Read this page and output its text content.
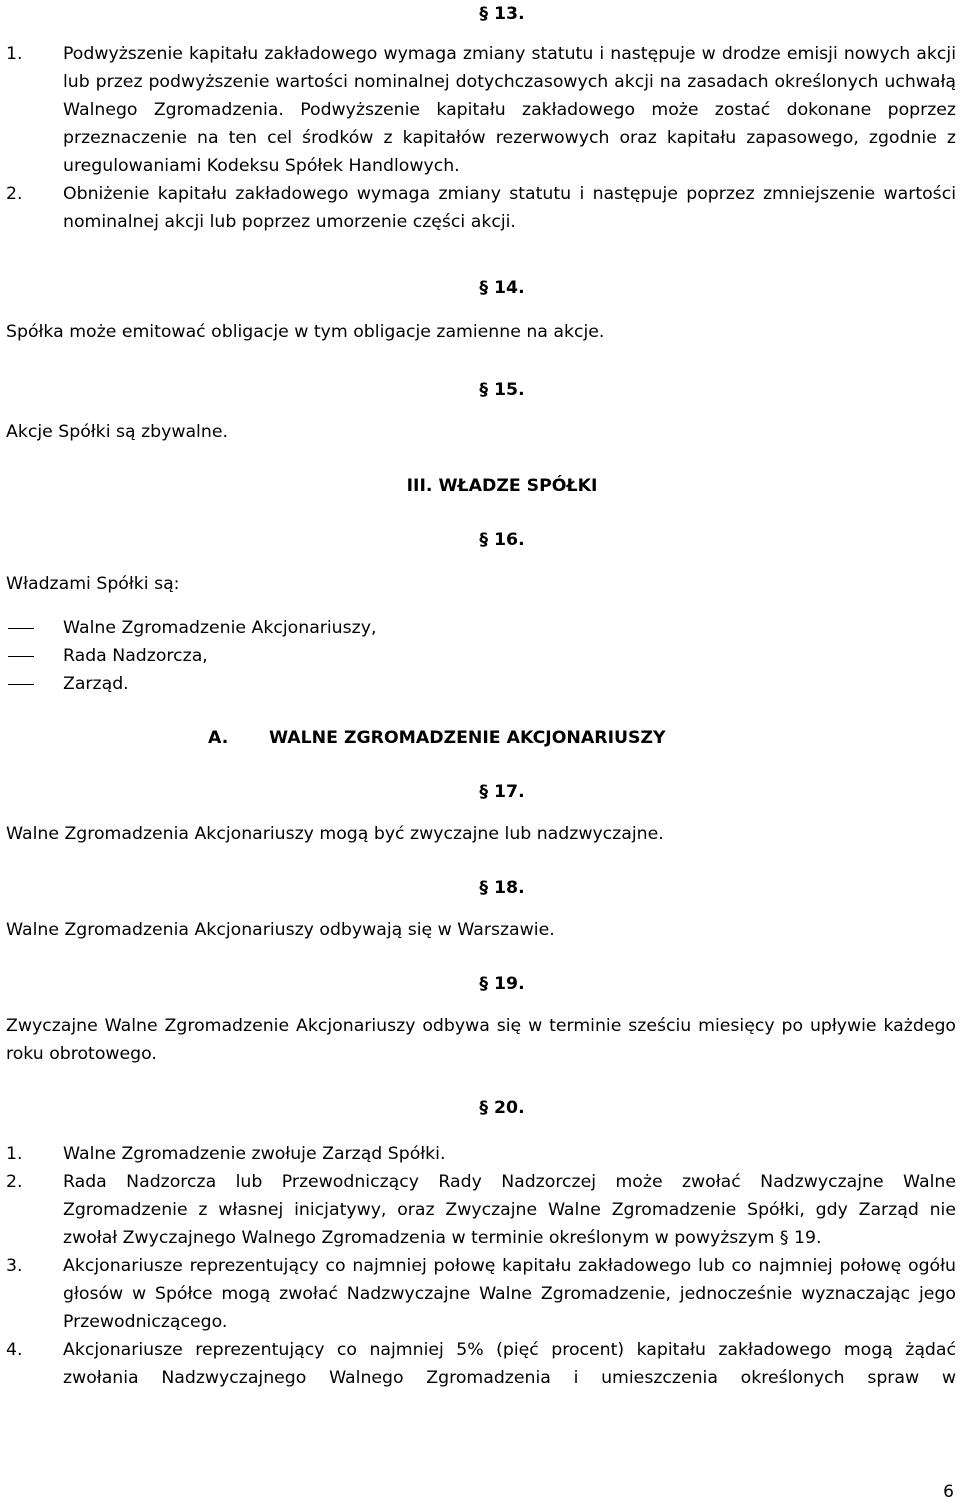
§ 13.
1.	Podwyższenie kapitału zakładowego wymaga zmiany statutu i następuje w drodze emisji nowych akcji lub przez podwyższenie wartości nominalnej dotychczasowych akcji na zasadach określonych uchwałą Walnego Zgromadzenia. Podwyższenie kapitału zakładowego może zostać dokonane poprzez przeznaczenie na ten cel środków z kapitałów rezerwowych oraz kapitału zapasowego, zgodnie z uregulowaniami Kodeksu Spółek Handlowych.
2.	Obniżenie kapitału zakładowego wymaga zmiany statutu i następuje poprzez zmniejszenie wartości nominalnej akcji lub poprzez umorzenie części akcji.
§ 14.

Spółka może emitować obligacje w tym obligacje zamienne na akcje.

§ 15.

Akcje Spółki są zbywalne.

III. WŁADZE SPÓŁKI
§ 16.

Władzami Spółki są:

Walne Zgromadzenie Akcjonariuszy,
Rada Nadzorcza,
Zarząd.
A.	WALNE ZGROMADZENIE AKCJONARIUSZY
§ 17.

Walne Zgromadzenia Akcjonariuszy mogą być zwyczajne lub nadzwyczajne.

§ 18.

Walne Zgromadzenia Akcjonariuszy odbywają się w Warszawie.

§ 19.

Zwyczajne Walne Zgromadzenie Akcjonariuszy odbywa się w terminie sześciu miesięcy po upływie każdego roku obrotowego.

§ 20.
1.	Walne Zgromadzenie zwołuje Zarząd Spółki.
2.	Rada Nadzorcza lub Przewodniczący Rady Nadzorczej może zwołać Nadzwyczajne Walne Zgromadzenie z własnej inicjatywy, oraz Zwyczajne Walne Zgromadzenie Spółki, gdy Zarząd nie zwołał Zwyczajnego Walnego Zgromadzenia w terminie określonym w powyższym § 19.
3.	Akcjonariusze reprezentujący co najmniej połowę kapitału zakładowego lub co najmniej połowę ogółu głosów w Spółce mogą zwołać Nadzwyczajne Walne Zgromadzenie, jednocześnie wyznaczając jego Przewodniczącego.
4.	Akcjonariusze reprezentujący co najmniej 5% (pięć procent) kapitału zakładowego mogą żądać zwołania Nadzwyczajnego Walnego Zgromadzenia i umieszczenia określonych spraw w
6
